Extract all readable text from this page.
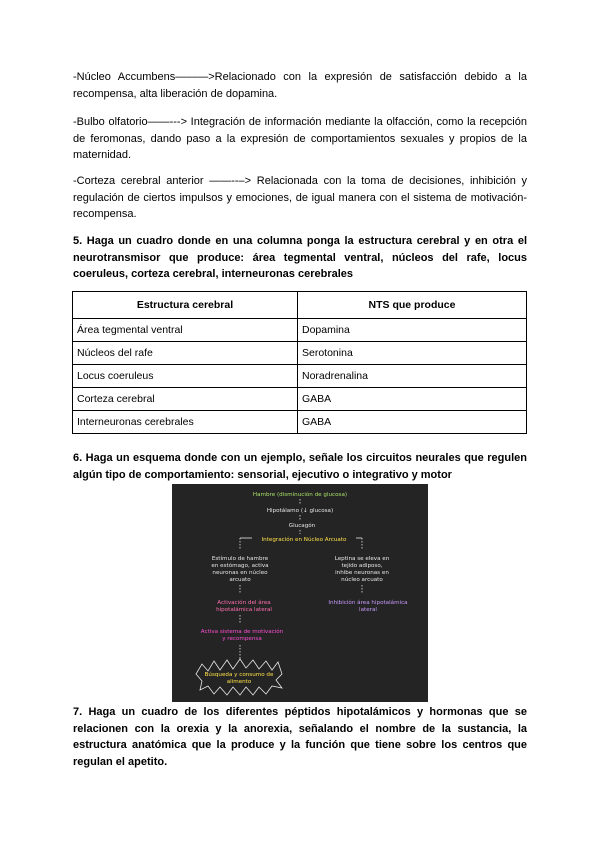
-Núcleo Accumbens———>Relacionado con la expresión de satisfacción debido a la recompensa, alta liberación de dopamina.

-Bulbo olfatorio——---> Integración de información mediante la olfacción, como la recepción de feromonas, dando paso a la expresión de comportamientos sexuales y propios de la maternidad.

-Corteza cerebral anterior ——--–> Relacionada con la toma de decisiones, inhibición y regulación de ciertos impulsos y emociones, de igual manera con el sistema de motivación-recompensa.

5. Haga un cuadro donde en una columna ponga la estructura cerebral y en otra el neurotransmisor que produce: área tegmental ventral, núcleos del rafe, locus coeruleus, corteza cerebral, interneuronas cerebrales

Estructura cerebral	NTS que produce
Área tegmental ventral	Dopamina
Núcleos del rafe	Serotonina
Locus coeruleus	Noradrenalina
Corteza cerebral	GABA
Interneuronas cerebrales	GABA

6. Haga un esquema donde con un ejemplo, señale los circuitos neurales que regulen algún tipo de comportamiento: sensorial, ejecutivo o integrativo y motor

Hambre (disminución de glucosa)
Hipotálamo (↓ glucosa)
Glucagón
Integración en Núcleo Arcuato
Estímulo de hambre
en estómago, activa
neuronas en núcleo
arcuato
Leptina se eleva en
tejido adiposo,
inhibe neuronas en
núcleo arcuato
Activación del área
hipotalámica lateral
Inhibición área hipotalámica
lateral
Activa sistema de motivación
y recompensa
Búsqueda y consumo de
alimento

7. Haga un cuadro de los diferentes péptidos hipotalámicos y hormonas que se relacionen con la orexia y la anorexia, señalando el nombre de la sustancia, la estructura anatómica que la produce y la función que tiene sobre los centros que regulan el apetito.
